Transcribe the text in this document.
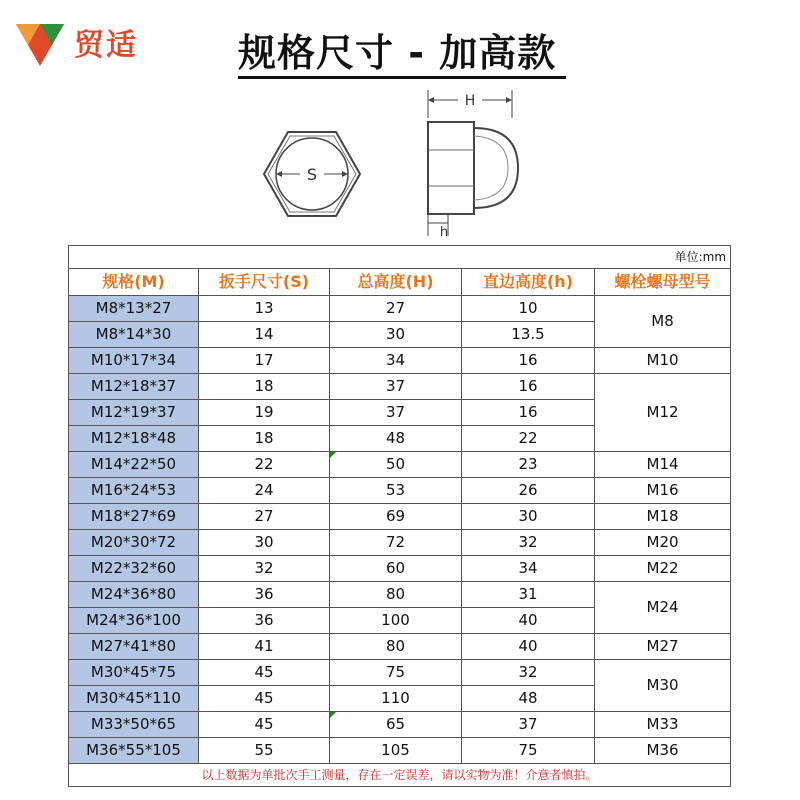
贸适	规格尺寸 - 加高款
S
H
h
单位:mm				
规格(M)	扳手尺寸(S)	总高度(H)	直边高度(h)	螺栓螺母型号
M8*13*27	13	27	10	M8
M8*14*30	14	30	13.5	
M10*17*34	17	34	16	M10
M12*18*37	18	37	16	M12
M12*19*37	19	37	16	
M12*18*48	18	48	22	
M14*22*50	22	50	23	M14
M16*24*53	24	53	26	M16
M18*27*69	27	69	30	M18
M20*30*72	30	72	32	M20
M22*32*60	32	60	34	M22
M24*36*80	36	80	31	M24
M24*36*100	36	100	40	
M27*41*80	41	80	40	M27
M30*45*75	45	75	32	M30
M30*45*110	45	110	48	
M33*50*65	45	65	37	M33
M36*55*105	55	105	75	M36
以上数据为单批次手工测量，存在一定误差，请以实物为准！介意者慎拍。				
